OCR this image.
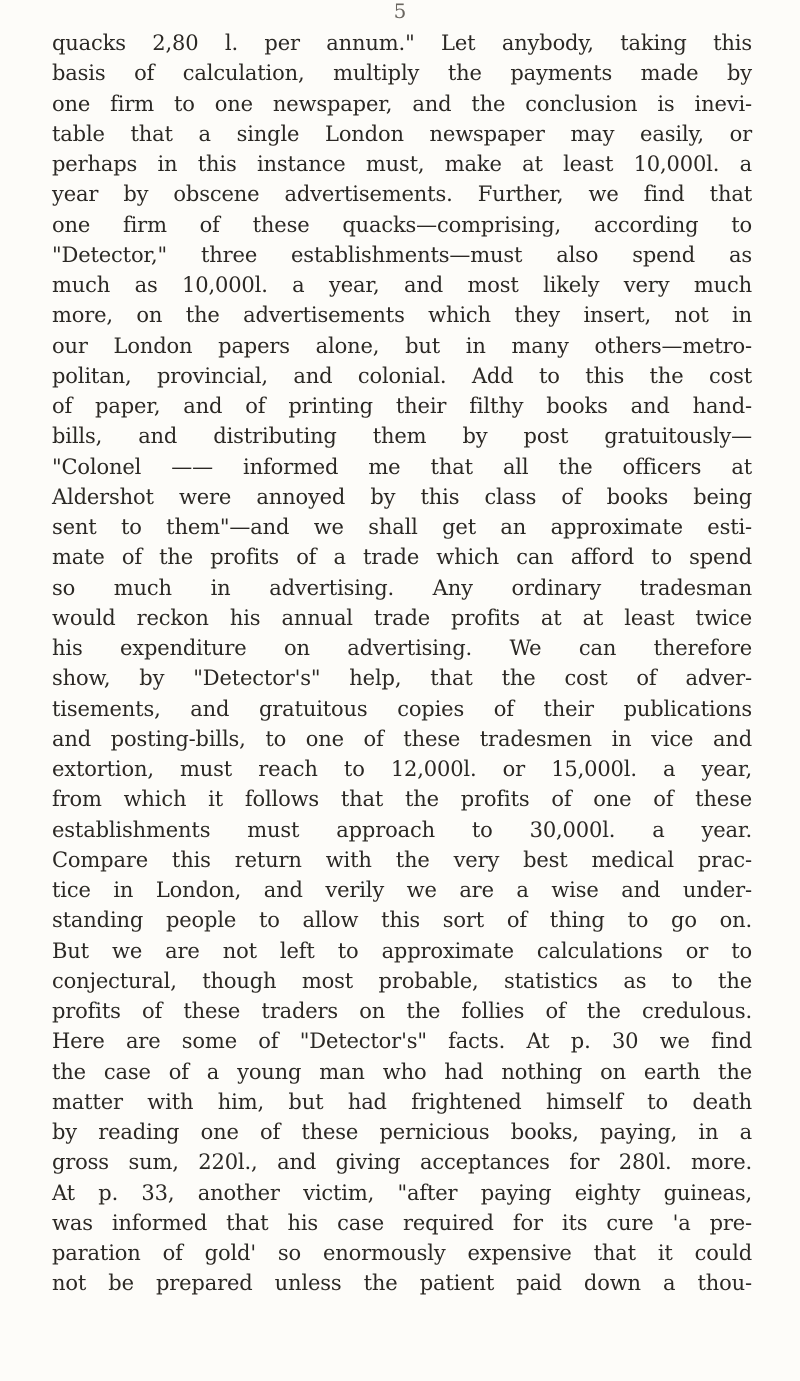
5
quacks 2,80 l. per annum." Let anybody, taking this
basis of calculation, multiply the payments made by
one firm to one newspaper, and the conclusion is inevi-
table that a single London newspaper may easily, or
perhaps in this instance must, make at least 10,000l. a
year by obscene advertisements. Further, we find that
one firm of these quacks—comprising, according to
"Detector," three establishments—must also spend as
much as 10,000l. a year, and most likely very much
more, on the advertisements which they insert, not in
our London papers alone, but in many others—metro-
politan, provincial, and colonial. Add to this the cost
of paper, and of printing their filthy books and hand-
bills, and distributing them by post gratuitously—
"Colonel —— informed me that all the officers at
Aldershot were annoyed by this class of books being
sent to them"—and we shall get an approximate esti-
mate of the profits of a trade which can afford to spend
so much in advertising. Any ordinary tradesman
would reckon his annual trade profits at at least twice
his expenditure on advertising. We can therefore
show, by "Detector's" help, that the cost of adver-
tisements, and gratuitous copies of their publications
and posting-bills, to one of these tradesmen in vice and
extortion, must reach to 12,000l. or 15,000l. a year,
from which it follows that the profits of one of these
establishments must approach to 30,000l. a year.
Compare this return with the very best medical prac-
tice in London, and verily we are a wise and under-
standing people to allow this sort of thing to go on.
But we are not left to approximate calculations or to
conjectural, though most probable, statistics as to the
profits of these traders on the follies of the credulous.
Here are some of "Detector's" facts. At p. 30 we find
the case of a young man who had nothing on earth the
matter with him, but had frightened himself to death
by reading one of these pernicious books, paying, in a
gross sum, 220l., and giving acceptances for 280l. more.
At p. 33, another victim, "after paying eighty guineas,
was informed that his case required for its cure 'a pre-
paration of gold' so enormously expensive that it could
not be prepared unless the patient paid down a thou-
